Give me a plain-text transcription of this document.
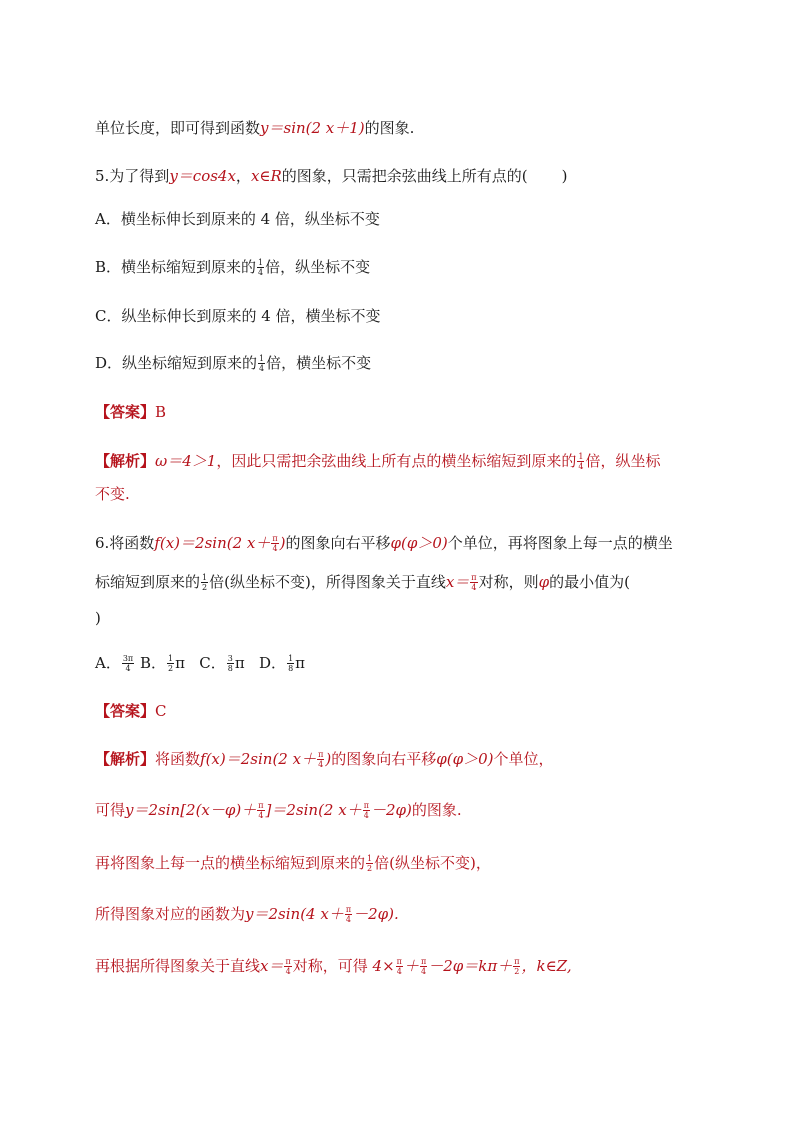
单位长度，即可得到函数y＝sin(2 x＋1)的图象.
5.为了得到y＝cos4x，x∈R的图象，只需把余弦曲线上所有点的( )
A．横坐标伸长到原来的 4 倍，纵坐标不变
B．横坐标缩短到原来的 $\frac{1}{4}$ 倍，纵坐标不变
C．纵坐标伸长到原来的 4 倍，横坐标不变
D．纵坐标缩短到原来的 $\frac{1}{4}$ 倍，横坐标不变
【答案】B
【解析】ω＝4＞1，因此只需把余弦曲线上所有点的横坐标缩短到原来的 $\frac{1}{4}$ 倍，纵坐标
不变.
6.将函数f(x)＝2sin(2 $x+ \frac{\pi}{4}$ )的图象向右平移φ(φ＞0)个单位，再将图象上每一点的横坐
标缩短到原来的 $\frac{1}{2}$ 倍(纵坐标不变)，所得图象关于直线$x= \frac{\pi}{4}$ 对称，则φ的最小值为(
)
A． $\frac{3\pi}{4}$ B． $\frac{1}{2}$ π C． $\frac{3}{8}$ π D． $\frac{1}{8}$ π
【答案】C
【解析】将函数f(x)＝2sin(2 $x+ \frac{\pi}{4}$ )的图象向右平移φ(φ＞0)个单位，
可得$y=2\sin[2(x-\varphi)+ \frac{\pi}{4} ]=2\sin(2$ $x+ \frac{\pi}{4} -2\varphi$)的图象.
再将图象上每一点的横坐标缩短到原来的 $\frac{1}{2}$ 倍(纵坐标不变)，
所得图象对应的函数为y＝2sin(4 $x+ \frac{\pi}{4} -2\varphi$).
再根据所得图象关于直线$x= \frac{\pi}{4}$ 对称，可得 $4\times \frac{\pi}{4} + \frac{\pi}{4} -2\varphi=k\pi+ \frac{\pi}{2}$ ，k∈Z,
